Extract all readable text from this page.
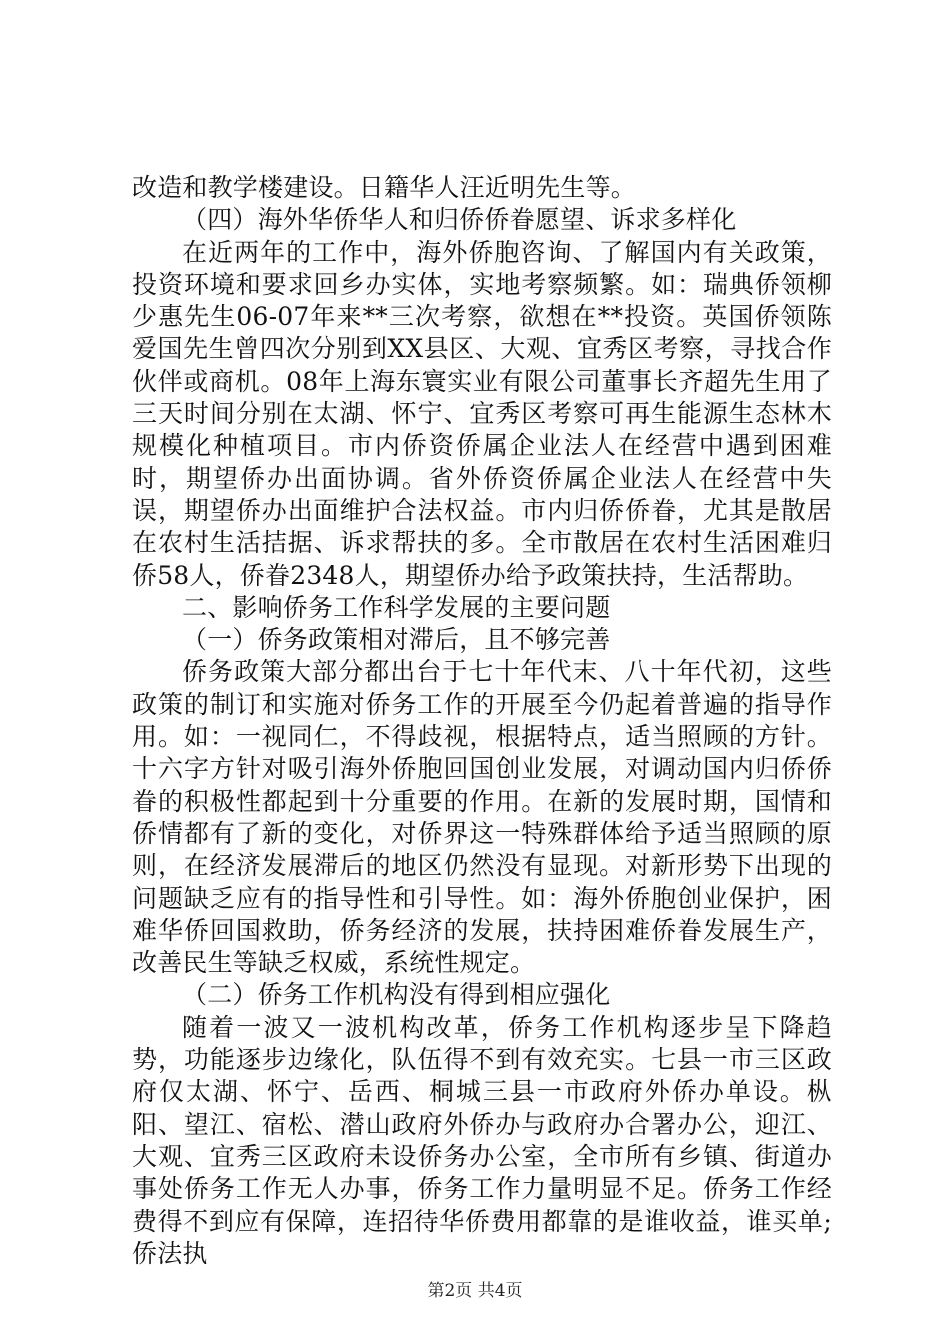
改造和教学楼建设。日籍华人汪近明先生等。

（四）海外华侨华人和归侨侨眷愿望、诉求多样化

在近两年的工作中，海外侨胞咨询、了解国内有关政策，投资环境和要求回乡办实体，实地考察频繁。如：瑞典侨领柳少惠先生06-07年来**三次考察，欲想在**投资。英国侨领陈爱国先生曾四次分别到XX县区、大观、宜秀区考察，寻找合作伙伴或商机。08年上海东寰实业有限公司董事长齐超先生用了三天时间分别在太湖、怀宁、宜秀区考察可再生能源生态林木规模化种植项目。市内侨资侨属企业法人在经营中遇到困难时，期望侨办出面协调。省外侨资侨属企业法人在经营中失误，期望侨办出面维护合法权益。市内归侨侨眷，尤其是散居在农村生活拮据、诉求帮扶的多。全市散居在农村生活困难归侨58人，侨眷2348人，期望侨办给予政策扶持，生活帮助。

二、影响侨务工作科学发展的主要问题

（一）侨务政策相对滞后，且不够完善

侨务政策大部分都出台于七十年代末、八十年代初，这些政策的制订和实施对侨务工作的开展至今仍起着普遍的指导作用。如：一视同仁，不得歧视，根据特点，适当照顾的方针。十六字方针对吸引海外侨胞回国创业发展，对调动国内归侨侨眷的积极性都起到十分重要的作用。在新的发展时期，国情和侨情都有了新的变化，对侨界这一特殊群体给予适当照顾的原则，在经济发展滞后的地区仍然没有显现。对新形势下出现的问题缺乏应有的指导性和引导性。如：海外侨胞创业保护，困难华侨回国救助，侨务经济的发展，扶持困难侨眷发展生产，改善民生等缺乏权威，系统性规定。

（二）侨务工作机构没有得到相应强化

随着一波又一波机构改革，侨务工作机构逐步呈下降趋势，功能逐步边缘化，队伍得不到有效充实。七县一市三区政府仅太湖、怀宁、岳西、桐城三县一市政府外侨办单设。枞阳、望江、宿松、潜山政府外侨办与政府办合署办公，迎江、大观、宜秀三区政府未设侨务办公室，全市所有乡镇、街道办事处侨务工作无人办事，侨务工作力量明显不足。侨务工作经费得不到应有保障，连招待华侨费用都靠的是谁收益，谁买单;侨法执

第2页 共4页
